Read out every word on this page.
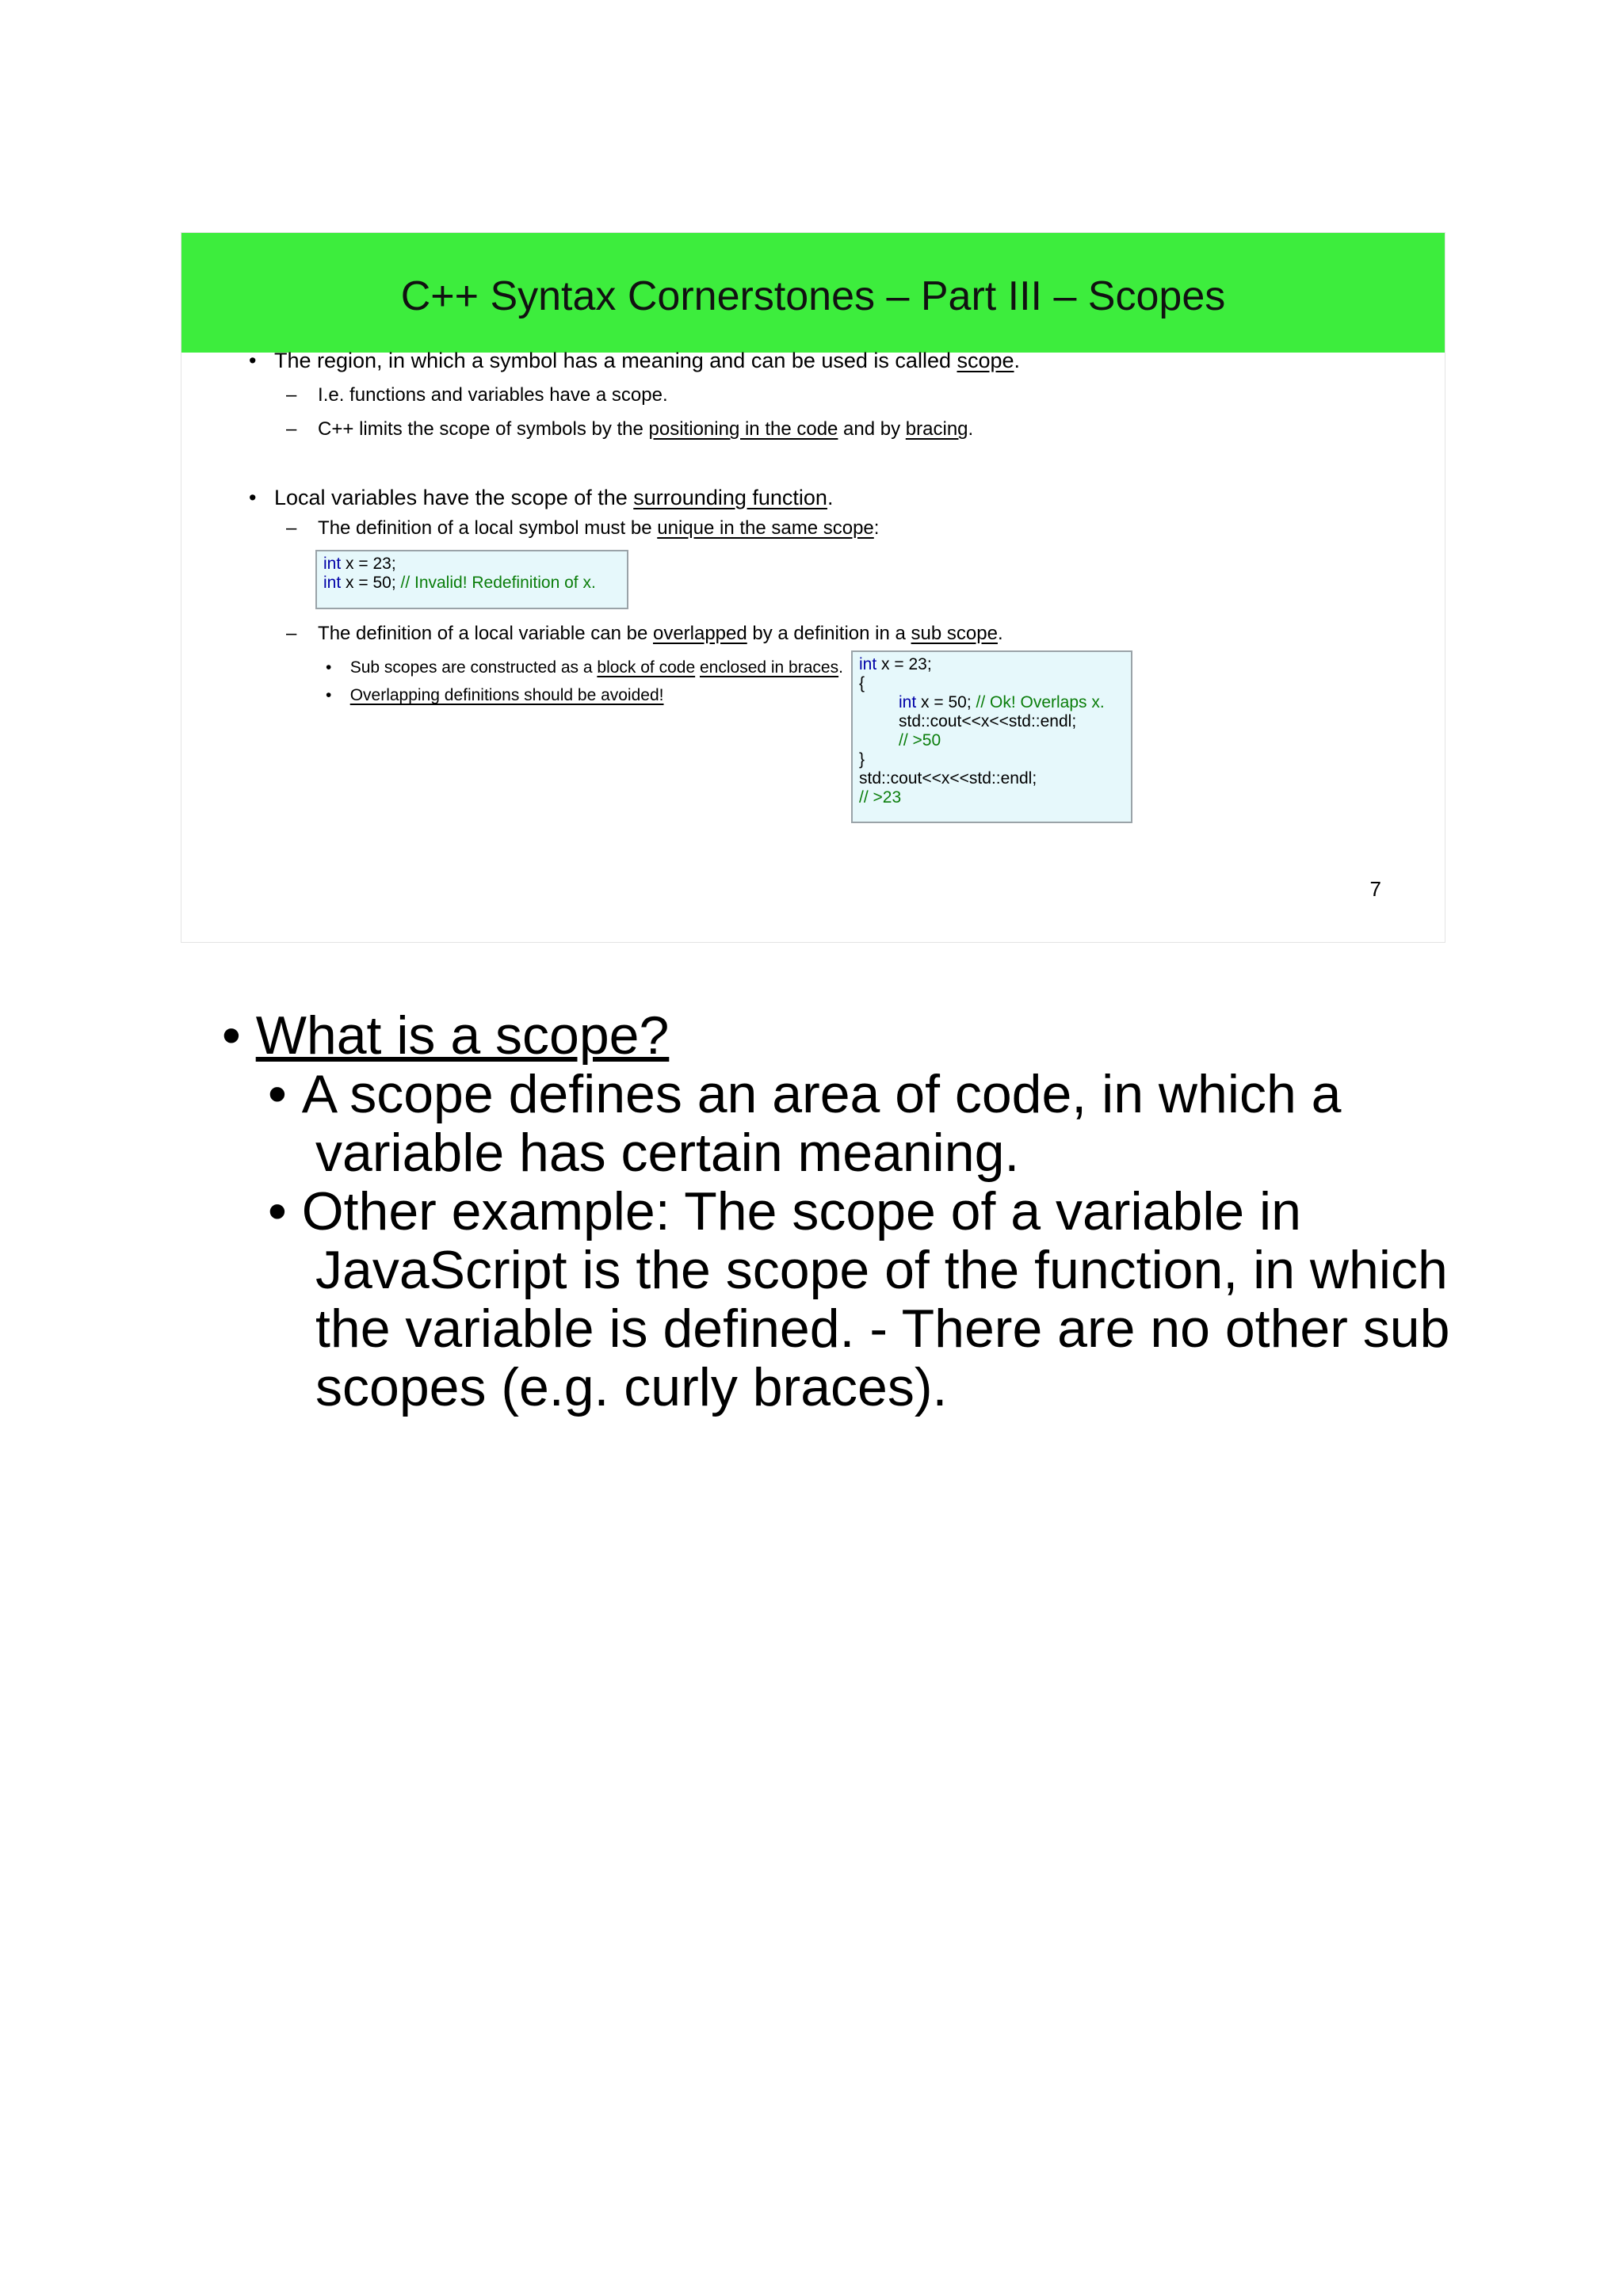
C++ Syntax Cornerstones – Part III – Scopes
• The region, in which a symbol has a meaning and can be used is called scope.
– I.e. functions and variables have a scope.
– C++ limits the scope of symbols by the positioning in the code and by bracing.
• Local variables have the scope of the surrounding function.
– The definition of a local symbol must be unique in the same scope:
int x = 23;
int x = 50; // Invalid! Redefinition of x.
– The definition of a local variable can be overlapped by a definition in a sub scope.
• Sub scopes are constructed as a block of code enclosed in braces.
• Overlapping definitions should be avoided!
int x = 23;
{
int x = 50; // Ok! Overlaps x.
std::cout<<x<<std::endl;
// >50
}
std::cout<<x<<std::endl;
// >23
7
• What is a scope?
• A scope defines an area of code, in which a
variable has certain meaning.
• Other example: The scope of a variable in
JavaScript is the scope of the function, in which
the variable is defined. - There are no other sub
scopes (e.g. curly braces).
